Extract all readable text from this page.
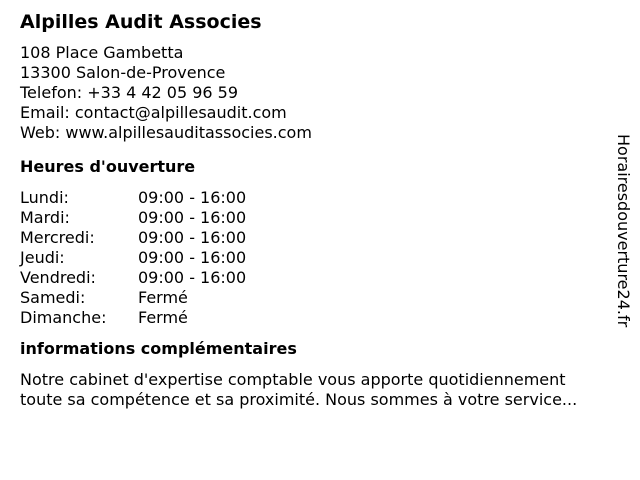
Alpilles Audit Associes
108 Place Gambetta
13300 Salon-de-Provence
Telefon: +33 4 42 05 96 59
Email: contact@alpillesaudit.com
Web: www.alpillesauditassocies.com
Heures d'ouverture
Lundi:	09:00 - 16:00
Mardi:	09:00 - 16:00
Mercredi:	09:00 - 16:00
Jeudi:	09:00 - 16:00
Vendredi:	09:00 - 16:00
Samedi:	Fermé
Dimanche:	Fermé
informations complémentaires
Notre cabinet d'expertise comptable vous apporte quotidiennement
toute sa compétence et sa proximité. Nous sommes à votre service...
Horairesdouverture24.fr
